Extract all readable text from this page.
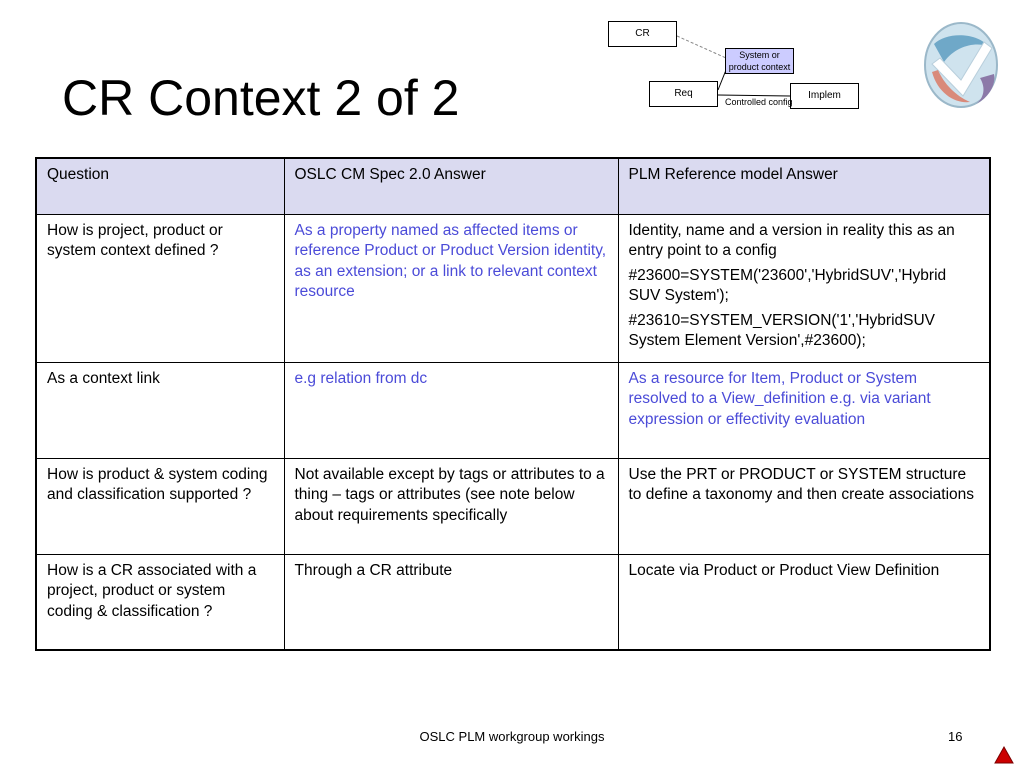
CR Context 2 of 2
CR
System or product context
Req	Implem
Controlled config
Question	OSLC CM Spec 2.0 Answer	PLM Reference model Answer
How is project, product or system context defined ?	As a property named as affected items or reference Product or Product Version identity, as an extension; or a link to relevant context resource	Identity, name and a version in reality this as an entry point to a config

#23600=SYSTEM('23600','HybridSUV','Hybrid SUV System');

#23610=SYSTEM_VERSION('1','HybridSUV System Element Version',#23600);

As a context link	e.g relation from dc	As a resource for Item, Product or System resolved to a View_definition e.g. via variant expression or effectivity evaluation
How is product & system coding and classification supported ?	Not available except by tags or attributes to a thing – tags or attributes (see note below about requirements specifically	Use the PRT or PRODUCT or SYSTEM structure to define a taxonomy and then create associations
How is a CR associated with a project, product or system coding & classification ?	Through a CR attribute	Locate via Product or Product View Definition
OSLC PLM workgroup workings	16
